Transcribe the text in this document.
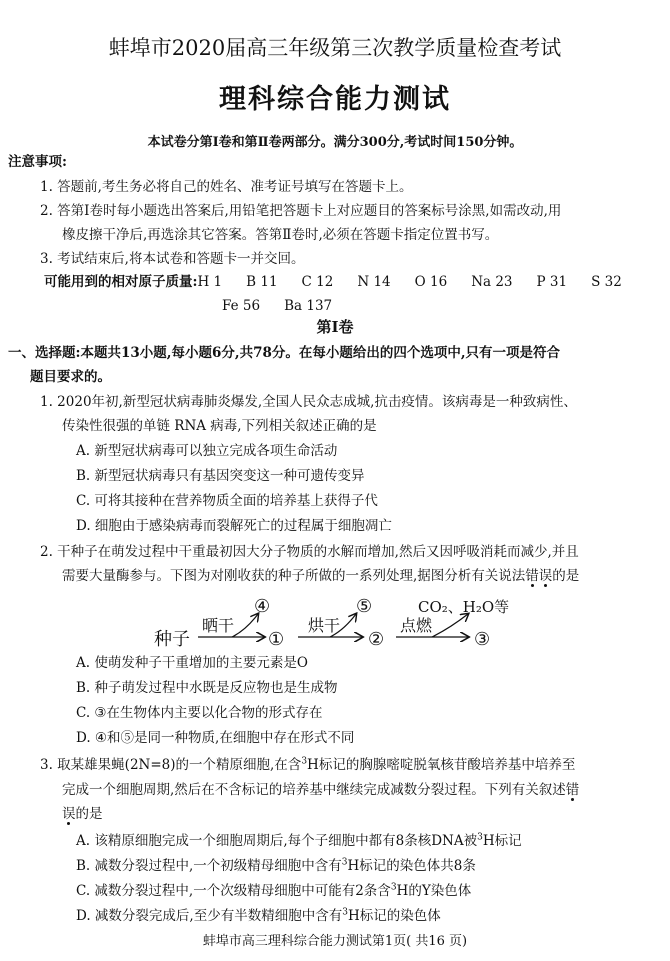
蚌埠市2020届高三年级第三次教学质量检查考试
理科综合能力测试
本试卷分第Ⅰ卷和第Ⅱ卷两部分。满分300分,考试时间150分钟。
注意事项:
1. 答题前,考生务必将自己的姓名、准考证号填写在答题卡上。
2. 答第Ⅰ卷时每小题选出答案后,用铅笔把答题卡上对应题目的答案标号涂黑,如需改动,用
橡皮擦干净后,再选涂其它答案。答第Ⅱ卷时,必须在答题卡指定位置书写。
3. 考试结束后,将本试卷和答题卡一并交回。
可能用到的相对原子质量:H 1 B 11 C 12 N 14 O 16 Na 23 P 31 S 32
Fe 56 Ba 137
第Ⅰ卷
一、选择题:本题共13小题,每小题6分,共78分。在每小题给出的四个选项中,只有一项是符合
题目要求的。
1. 2020年初,新型冠状病毒肺炎爆发,全国人民众志成城,抗击疫情。该病毒是一种致病性、
传染性很强的单链 RNA 病毒,下列相关叙述正确的是
A. 新型冠状病毒可以独立完成各项生命活动
B. 新型冠状病毒只有基因突变这一种可遗传变异
C. 可将其接种在营养物质全面的培养基上获得子代
D. 细胞由于感染病毒而裂解死亡的过程属于细胞凋亡
2. 干种子在萌发过程中干重最初因大分子物质的水解而增加,然后又因呼吸消耗而减少,并且
需要大量酶参与。下图为对刚收获的种子所做的一系列处理,据图分析有关说法错误的是
种子
晒干
④
①
烘干
⑤
②
点燃
CO₂、H₂O等
③
A. 使萌发种子干重增加的主要元素是O
B. 种子萌发过程中水既是反应物也是生成物
C. ③在生物体内主要以化合物的形式存在
D. ④和⑤是同一种物质,在细胞中存在形式不同
3. 取某雄果蝇(2N=8)的一个精原细胞,在含$^3$H标记的胸腺嘧啶脱氧核苷酸培养基中培养至
完成一个细胞周期,然后在不含标记的培养基中继续完成减数分裂过程。下列有关叙述错
误的是
A. 该精原细胞完成一个细胞周期后,每个子细胞中都有8条核DNA被$^3$H标记
B. 减数分裂过程中,一个初级精母细胞中含有$^3$H标记的染色体共8条
C. 减数分裂过程中,一个次级精母细胞中可能有2条含$^3$H的Y染色体
D. 减数分裂完成后,至少有半数精细胞中含有$^3$H标记的染色体
蚌埠市高三理科综合能力测试第1页( 共16 页)
